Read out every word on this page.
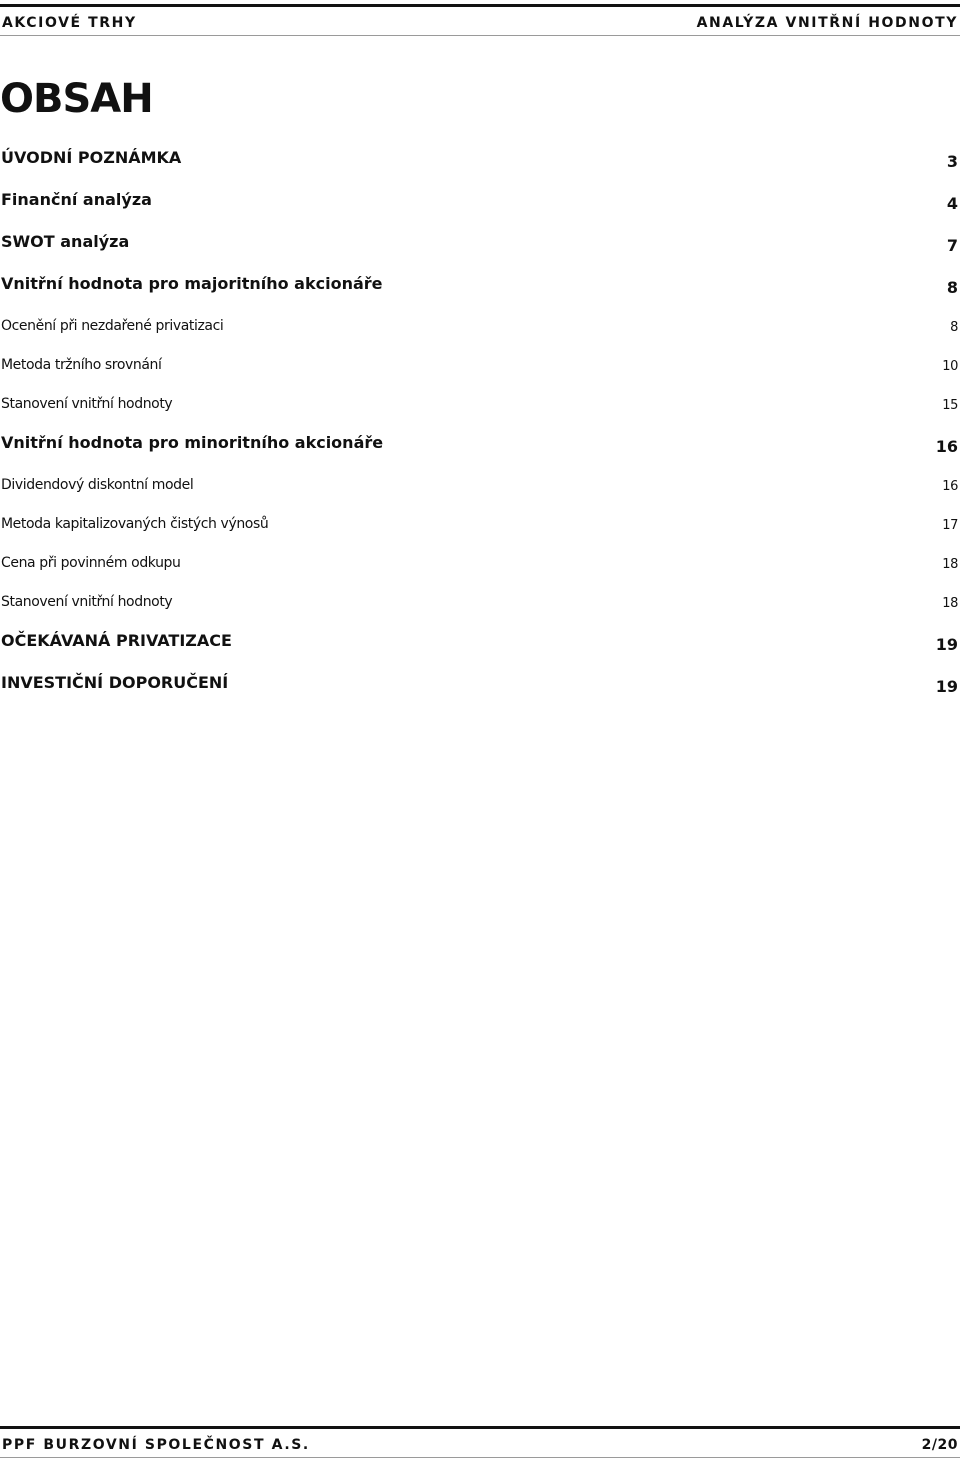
AKCIOVÉ TRHY	ANALÝZA VNITŘNÍ HODNOTY
OBSAH
ÚVODNÍ POZNÁMKA	3
Finanční analýza	4
SWOT analýza	7
Vnitřní hodnota pro majoritního akcionáře	8
Ocenění při nezdařené privatizaci	8
Metoda tržního srovnání	10
Stanovení vnitřní hodnoty	15
Vnitřní hodnota pro minoritního akcionáře	16
Dividendový diskontní model	16
Metoda kapitalizovaných čistých výnosů	17
Cena při povinném odkupu	18
Stanovení vnitřní hodnoty	18
OČEKÁVANÁ PRIVATIZACE	19
INVESTIČNÍ DOPORUČENÍ	19
PPF BURZOVNÍ SPOLEČNOST A.S.	2/20
